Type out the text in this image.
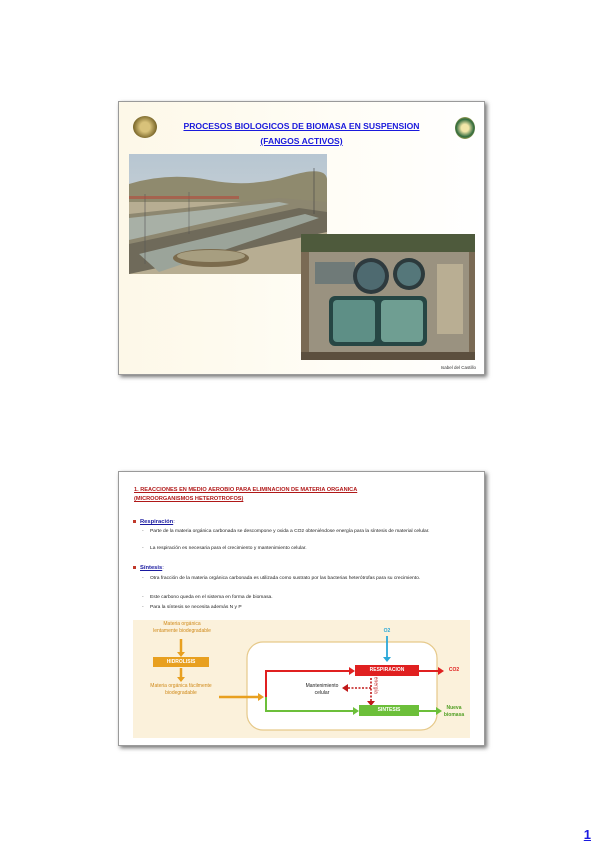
PROCESOS BIOLOGICOS DE BIOMASA EN SUSPENSION
(FANGOS ACTIVOS)
Isabel del Castillo
1. REACCIONES EN MEDIO AEROBIO PARA ELIMINACION DE MATERIA ORGANICA
(MICROORGANISMOS HETEROTROFOS)
Respiración:
- Parte de la materia orgánica carbonada se descompone y oxida a CO2 obteniéndose energía para la síntesis de material celular.
- La respiración es necesaria para el crecimiento y mantenimiento celular.
Síntesis:
- Otra fracción de la materia orgánica carbonada es utilizada como sustrato por las bacterias heterótrofas para su crecimiento.
- Este carbono queda en el sistema en forma de biomasa.
- Para la síntesis se necesita además N y P
Materia orgánica lentamente biodegradable
HIDROLISIS
Materia orgánica fácilmente biodegradable
O2
RESPIRACION	CO2
Mantenimiento celular	energía
SINTESIS	Nueva biomasa
1
